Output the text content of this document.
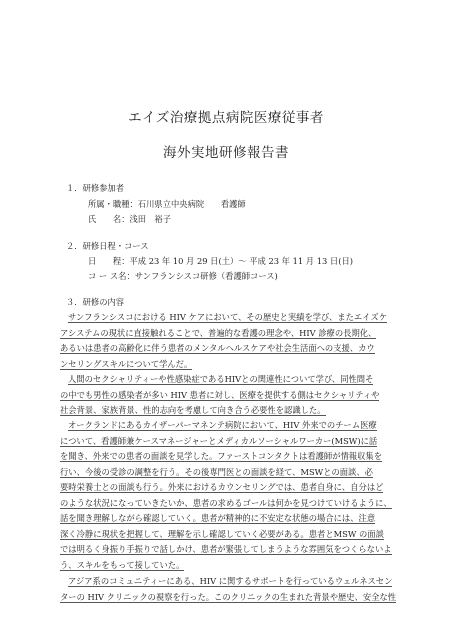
エイズ治療拠点病院医療従事者
海外実地研修報告書
１．研修参加者
所属・職種：石川県立中央病院　　看護師
氏　　名：浅田　裕子
２．研修日程・コース
日　　程：平成 23 年 10 月 29 日(土）～ 平成 23 年 11 月 13 日(日)
コ ー ス名：サンフランシスコ研修（看護師コース)
３．研修の内容
サンフランシスコにおける HIV ケアにおいて、その歴史と実績を学び、またエイズケ
アシステムの現状に直接触れることで、普遍的な看護の理念や、HIV 診療の長期化、
あるいは患者の高齢化に伴う患者のメンタルヘルスケアや社会生活面への支援、カウ
ンセリングスキルについて学んだ。
人間のセクシャリティーや性感染症であるHIVとの関連性について学び、同性間そ
の中でも男性の感染者が多い HIV 患者に対し、医療を提供する側はセクシャリティや
社会背景、家族背景、性的志向を考慮して向き合う必要性を認識した。
オークランドにあるカイザーパーマネンテ病院において、HIV 外来でのチーム医療
について、看護師兼ケースマネージャーとメディカルソーシャルワーカー(MSW)に話
を聞き、外来での患者の面談を見学した。ファーストコンタクトは看護師が情報収集を
行い、今後の受診の調整を行う。その後専門医との面談を経て、MSWとの面談、必
要時栄養士との面談も行う。外来におけるカウンセリングでは、患者自身に、自分はど
のような状況になっていきたいか、患者の求めるゴールは何かを見つけていけるように、
話を聞き理解しながら確認していく。患者が精神的に不安定な状態の場合には、注意
深く冷静に現状を把握して、理解を示し確認していく必要がある。患者とMSW の面談
では明るく身振り手振りで話しかけ、患者が緊張してしまうような雰囲気をつくらないよ
う、スキルをもって接していた。
アジア系のコミュニティーにある、HIV に関するサポートを行っているウェルネスセン
ターの HIV クリニックの視察を行った。このクリニックの生まれた背景や歴史、安全な性
